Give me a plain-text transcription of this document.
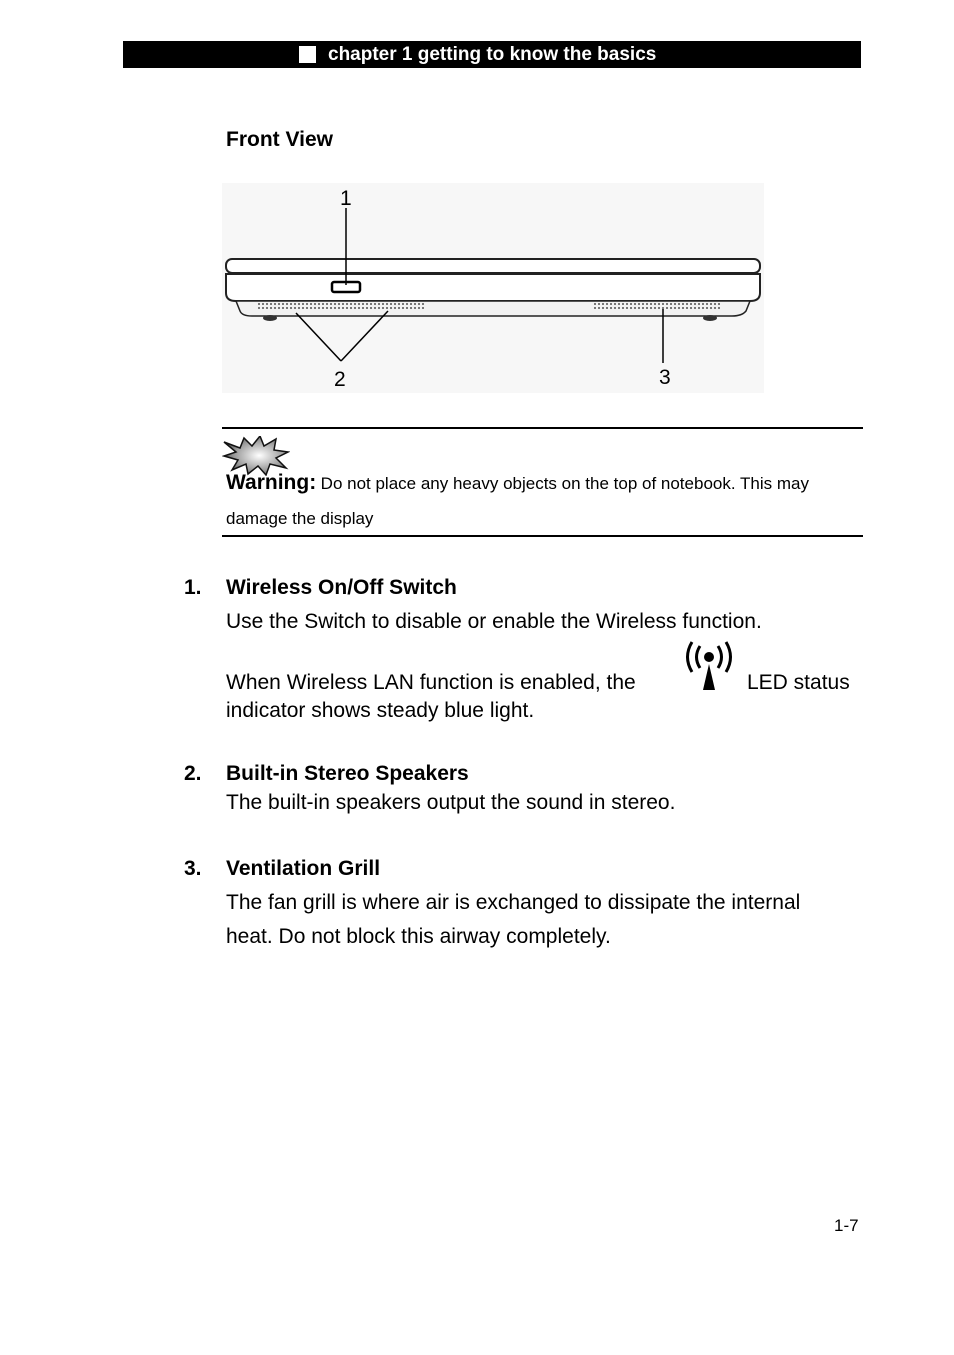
chapter 1 getting to know the basics
Front View
1
2	3
Warning: Do not place any heavy objects on the top of notebook. This may
damage the display
1. Wireless On/Off Switch
Use the Switch to disable or enable the Wireless function.
When Wireless LAN function is enabled, the	LED status
indicator shows steady blue light.
2. Built-in Stereo Speakers
The built-in speakers output the sound in stereo.
3. Ventilation Grill
The fan grill is where air is exchanged to dissipate the internal
heat. Do not block this airway completely.
1-7
